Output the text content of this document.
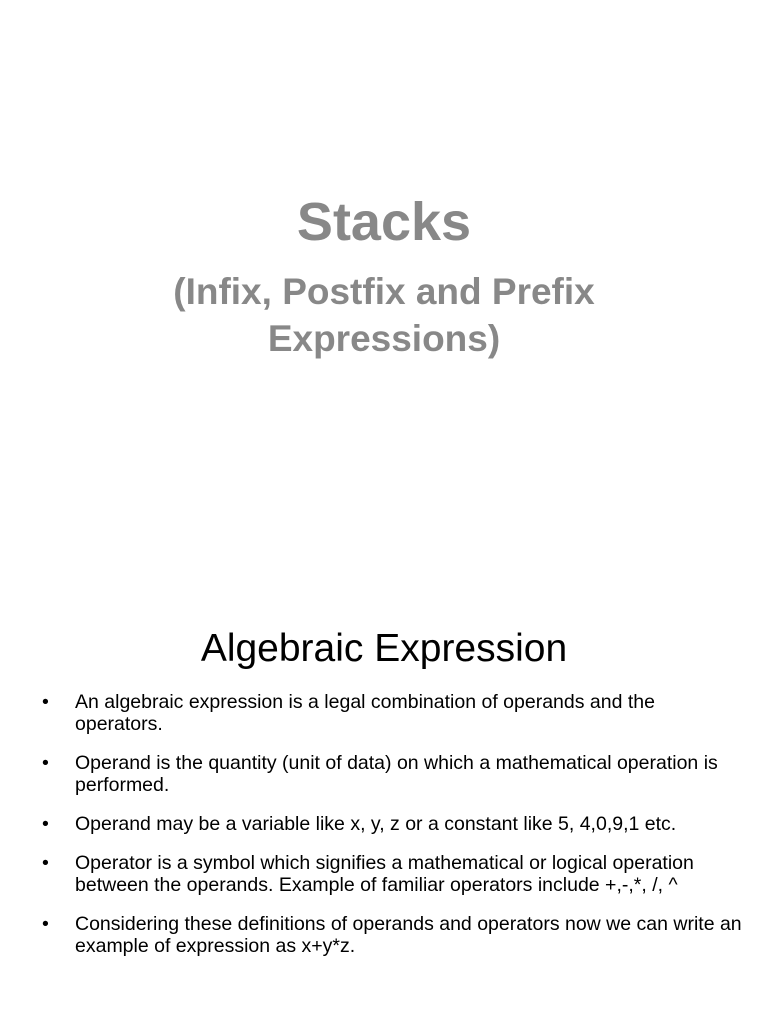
Stacks
(Infix, Postfix and Prefix Expressions)
Algebraic Expression
• An algebraic expression is a legal combination of operands and the operators.
• Operand is the quantity (unit of data) on which a mathematical operation is performed.
• Operand may be a variable like x, y, z or a constant like 5, 4,0,9,1 etc.
• Operator is a symbol which signifies a mathematical or logical operation between the operands. Example of familiar operators include +,-,*, /, ^
• Considering these definitions of operands and operators now we can write an example of expression as x+y*z.
